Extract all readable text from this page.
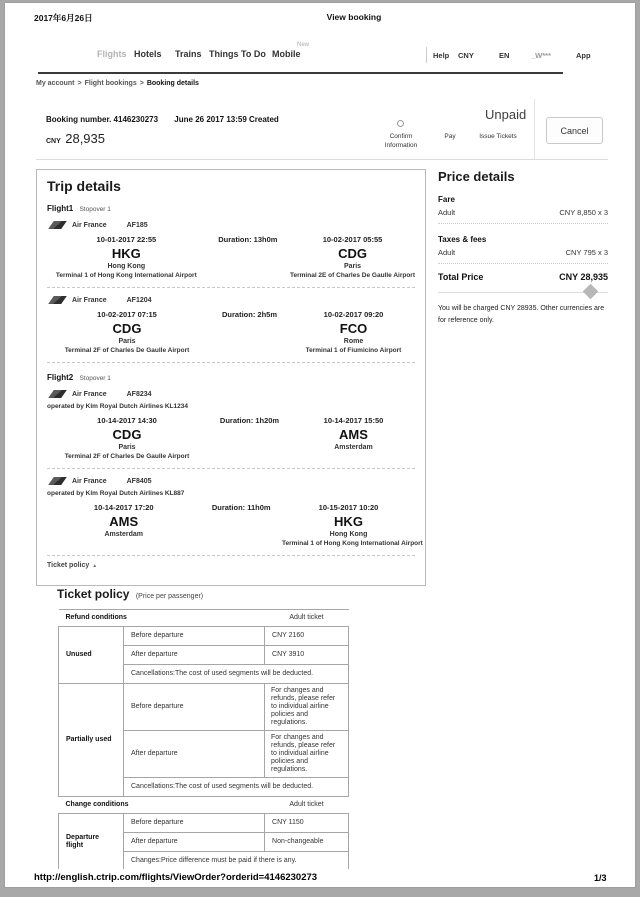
2017年6月26日	View booking
Flights Hotels Trains Things To Do Mobile
New
Help CNY	EN	_W***	App
My account > Flight bookings > Booking details
Booking number. 4146230273 June 26 2017 13:59 Created
CNY 28,935	Confirm Information
Pay	Issue Tickets
Unpaid
Cancel
Trip details
Flight1 Stopover 1
Air France	AF185
10-01-2017 22:55
HKG
Hong Kong
Terminal 1 of Hong Kong International Airport
Duration: 13h0m	10-02-2017 05:55
CDG
Paris
Terminal 2E of Charles De Gaulle Airport
Air France	AF1204
10-02-2017 07:15
CDG
Paris
Terminal 2F of Charles De Gaulle Airport
Duration: 2h5m	10-02-2017 09:20
FCO
Rome
Terminal 1 of Fiumicino Airport
Flight2 Stopover 1
Air France	AF8234
operated by Klm Royal Dutch Airlines KL1234
10-14-2017 14:30
CDG
Paris
Terminal 2F of Charles De Gaulle Airport
Duration: 1h20m	10-14-2017 15:50
AMS
Amsterdam
Air France	AF8405
operated by Klm Royal Dutch Airlines KL887
10-14-2017 17:20
AMS
Amsterdam
Duration: 11h0m	10-15-2017 10:20
HKG
Hong Kong
Terminal 1 of Hong Kong International Airport
Ticket policy ▲
Price details
Fare
Adult	CNY 8,850 x 3
Taxes & fees
Adult	CNY 795 x 3
Total Price	CNY 28,935
You will be charged CNY 28935. Other currencies are for reference only.
Ticket policy (Price per passenger)
Refund conditions		Adult ticket
Unused	Before departure	CNY 2160
	After departure	CNY 3910
	Cancellations:The cost of used segments will be deducted.	
Partially used	Before departure	For changes and refunds, please refer to individual airline policies and regulations.
	After departure	For changes and refunds, please refer to individual airline policies and regulations.
	Cancellations:The cost of used segments will be deducted.	
Change conditions		Adult ticket
Departure flight	Before departure	CNY 1150
	After departure	Non-changeable
	Changes:Price difference must be paid if there is any.	

http://english.ctrip.com/flights/ViewOrder?orderid=4146230273	1/3
